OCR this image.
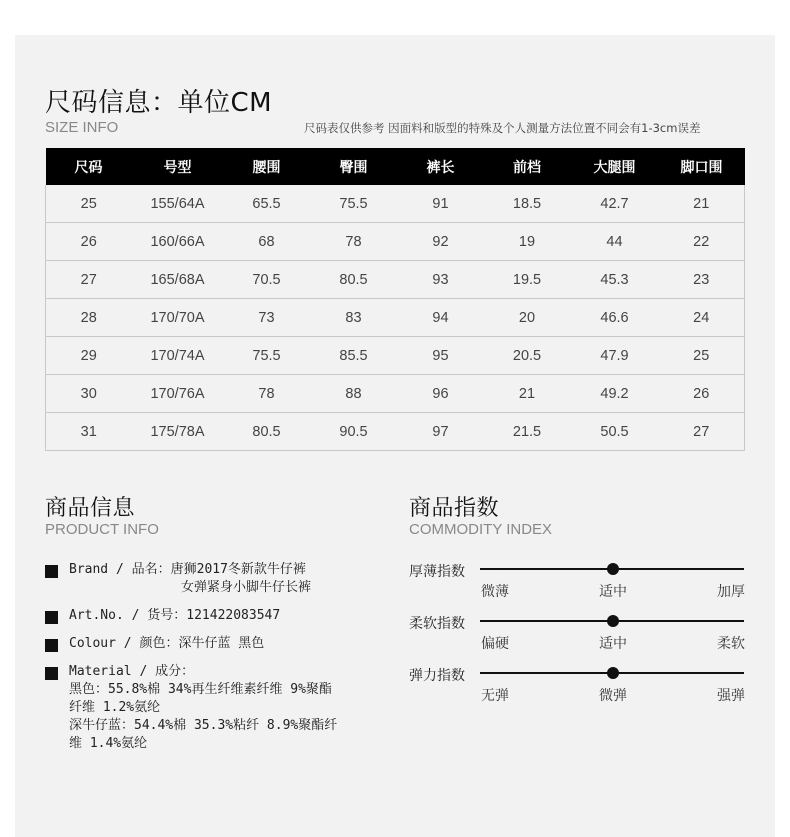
尺码信息：单位CM
SIZE INFO	尺码表仅供参考 因面料和版型的特殊及个人测量方法位置不同会有1-3cm误差
尺码	号型	腰围	臀围	裤长	前档	大腿围	脚口围
25	155/64A	65.5	75.5	91	18.5	42.7	21
26	160/66A	68	78	92	19	44	22
27	165/68A	70.5	80.5	93	19.5	45.3	23
28	170/70A	73	83	94	20	46.6	24
29	170/74A	75.5	85.5	95	20.5	47.9	25
30	170/76A	78	88	96	21	49.2	26
31	175/78A	80.5	90.5	97	21.5	50.5	27
商品信息
PRODUCT INFO
Brand / 品名：唐狮2017冬新款牛仔裤
女弹紧身小脚牛仔长裤
Art.No. / 货号：121422083547
Colour / 颜色：深牛仔蓝 黑色
Material / 成分：
黑色：55.8%棉 34%再生纤维素纤维 9%聚酯
纤维 1.2%氨纶
深牛仔蓝：54.4%棉 35.3%粘纤 8.9%聚酯纤
维 1.4%氨纶
商品指数
COMMODITY INDEX
厚薄指数
微薄	适中	加厚
柔软指数
偏硬	适中	柔软
弹力指数
无弹	微弹	强弹
